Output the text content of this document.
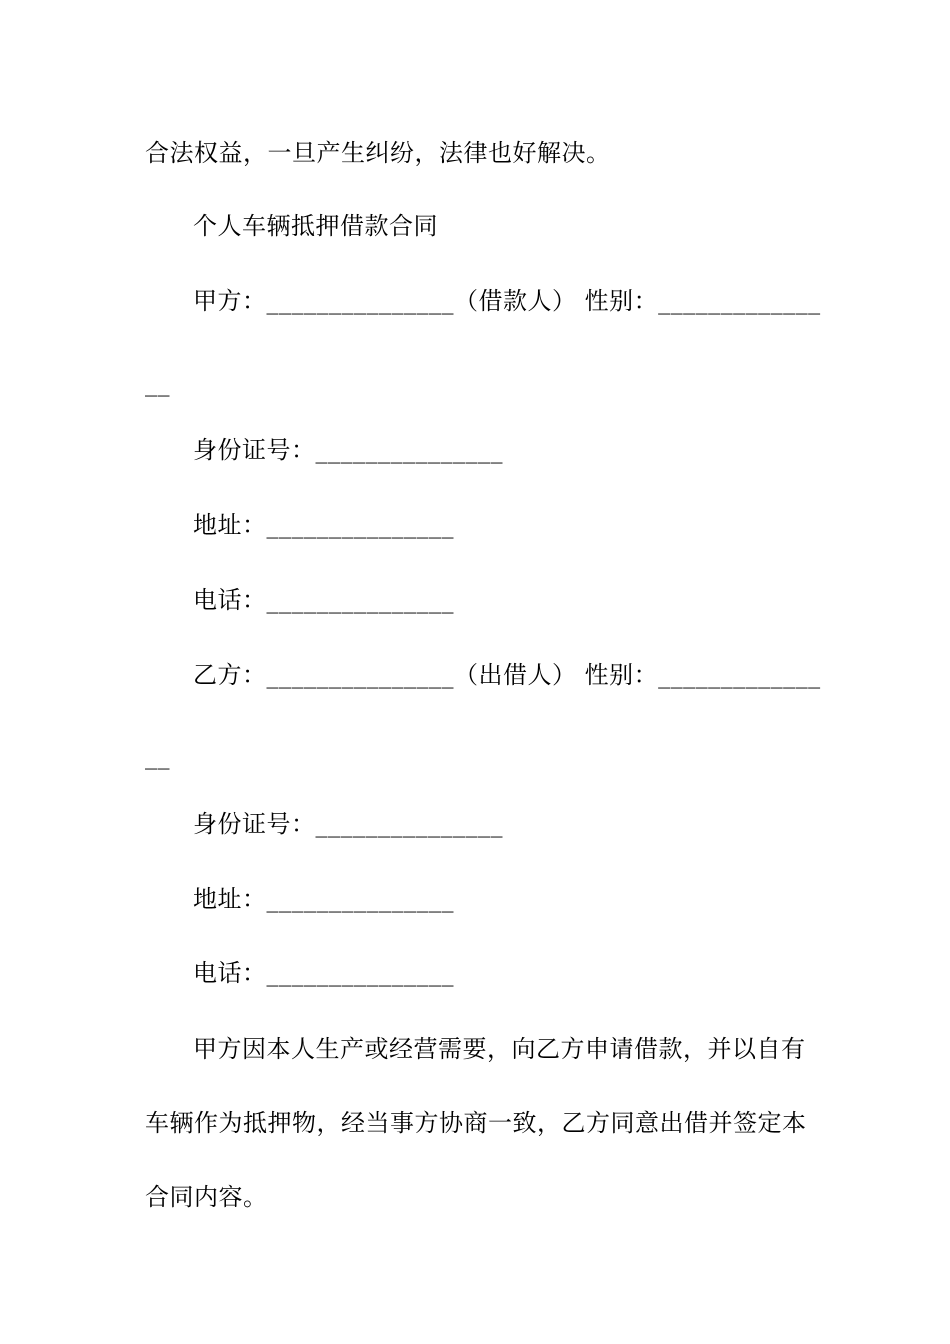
合法权益，一旦产生纠纷，法律也好解决。
个人车辆抵押借款合同
甲方：_______________（借款人） 性别：_____________
__
身份证号：_______________
地址：_______________
电话：_______________
乙方：_______________（出借人） 性别：_____________
__
身份证号：_______________
地址：_______________
电话：_______________
甲方因本人生产或经营需要，向乙方申请借款，并以自有
车辆作为抵押物，经当事方协商一致，乙方同意出借并签定本
合同内容。
